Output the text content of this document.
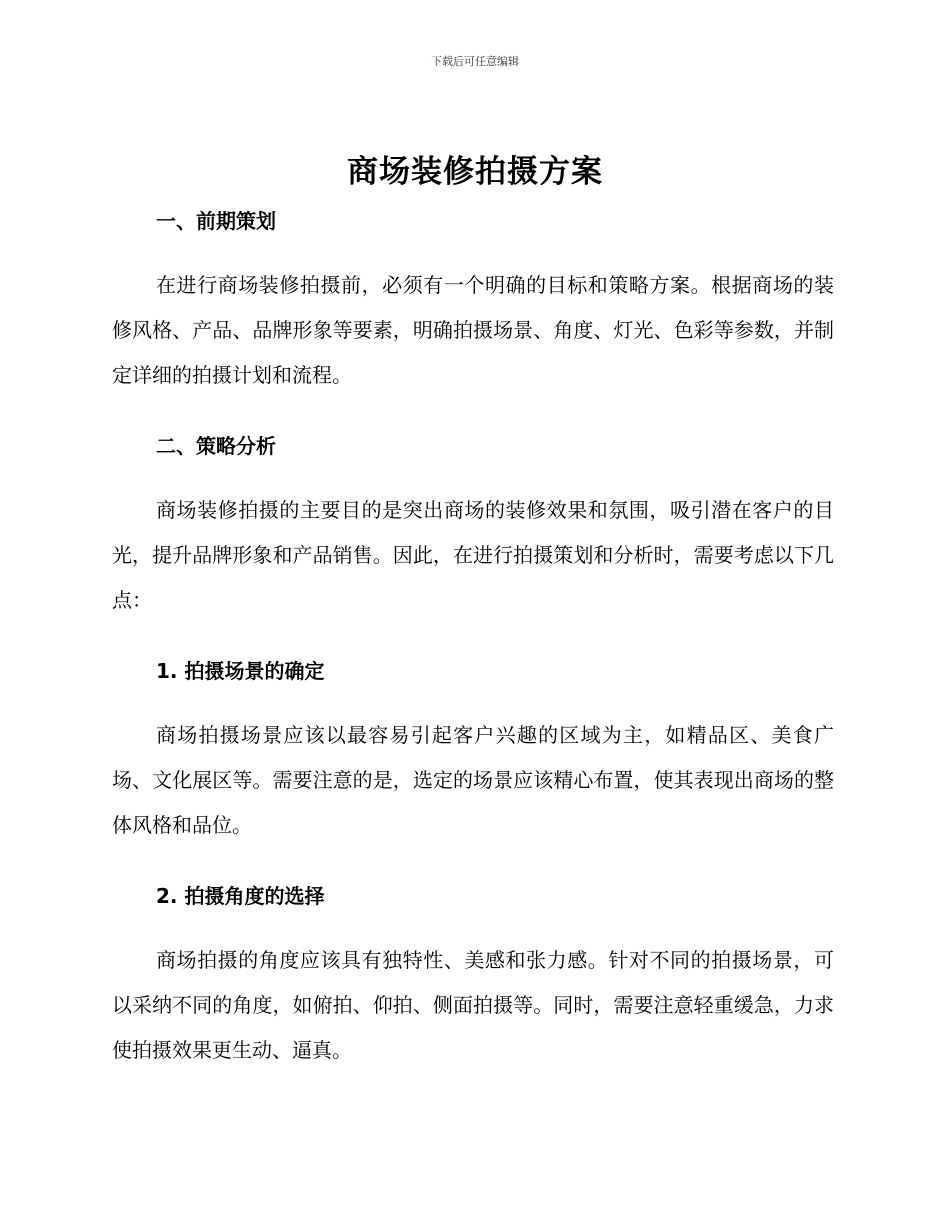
下载后可任意编辑
商场装修拍摄方案
一、前期策划

在进行商场装修拍摄前，必须有一个明确的目标和策略方案。根据商场的装修风格、产品、品牌形象等要素，明确拍摄场景、角度、灯光、色彩等参数，并制定详细的拍摄计划和流程。

二、策略分析

商场装修拍摄的主要目的是突出商场的装修效果和氛围，吸引潜在客户的目光，提升品牌形象和产品销售。因此，在进行拍摄策划和分析时，需要考虑以下几点：

1. 拍摄场景的确定

商场拍摄场景应该以最容易引起客户兴趣的区域为主，如精品区、美食广场、文化展区等。需要注意的是，选定的场景应该精心布置，使其表现出商场的整体风格和品位。

2. 拍摄角度的选择

商场拍摄的角度应该具有独特性、美感和张力感。针对不同的拍摄场景，可以采纳不同的角度，如俯拍、仰拍、侧面拍摄等。同时，需要注意轻重缓急，力求使拍摄效果更生动、逼真。
